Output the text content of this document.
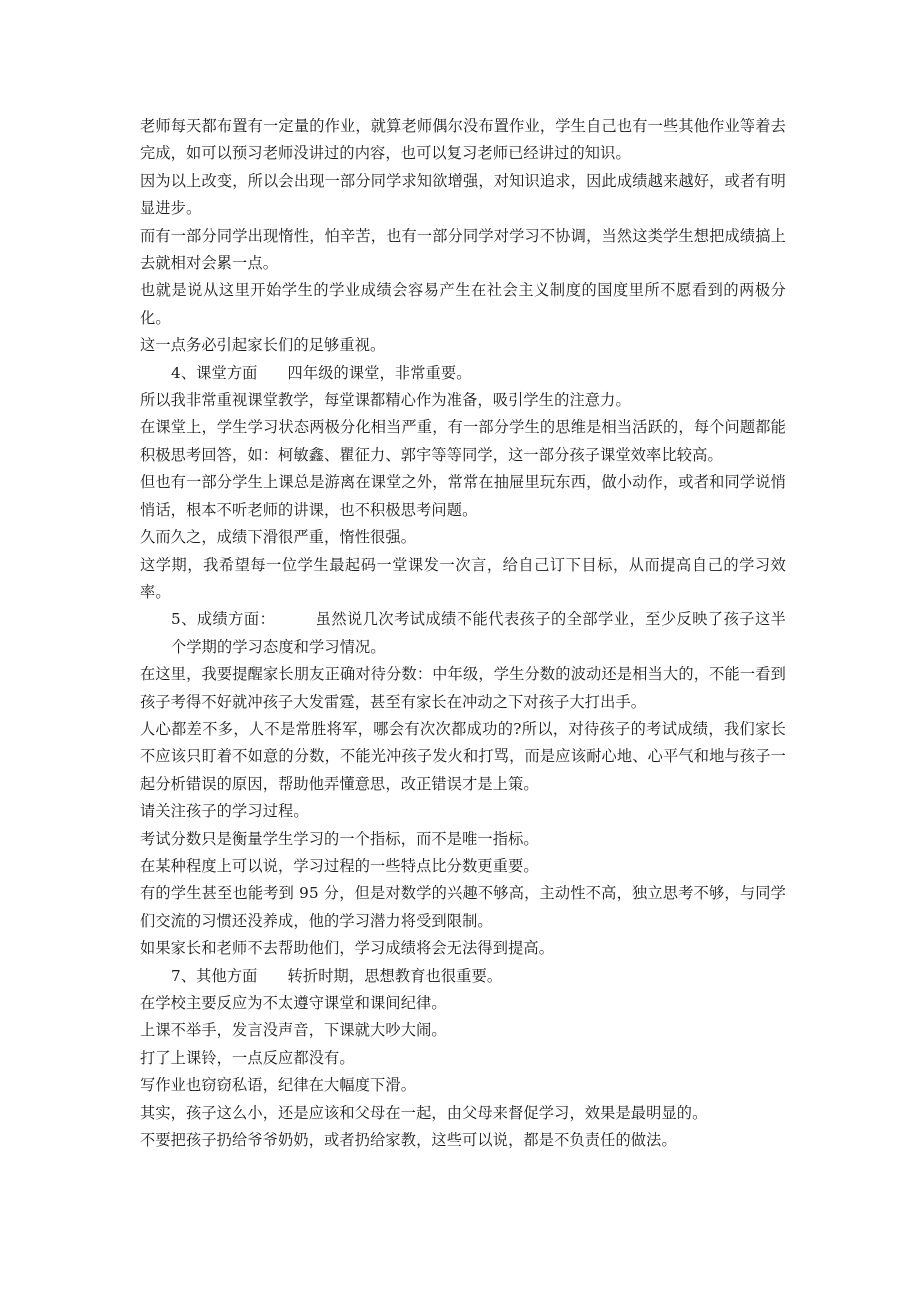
老师每天都布置有一定量的作业，就算老师偶尔没布置作业，学生自己也有一些其他作业等着去完成，如可以预习老师没讲过的内容，也可以复习老师已经讲过的知识。

因为以上改变，所以会出现一部分同学求知欲增强，对知识追求，因此成绩越来越好，或者有明显进步。

而有一部分同学出现惰性，怕辛苦，也有一部分同学对学习不协调，当然这类学生想把成绩搞上去就相对会累一点。

也就是说从这里开始学生的学业成绩会容易产生在社会主义制度的国度里所不愿看到的两极分化。

这一点务必引起家长们的足够重视。

4、课堂方面 四年级的课堂，非常重要。

所以我非常重视课堂教学，每堂课都精心作为准备，吸引学生的注意力。

在课堂上，学生学习状态两极分化相当严重，有一部分学生的思维是相当活跃的，每个问题都能积极思考回答，如：柯敏鑫、瞿征力、郭宇等等同学，这一部分孩子课堂效率比较高。

但也有一部分学生上课总是游离在课堂之外，常常在抽屉里玩东西，做小动作，或者和同学说悄悄话，根本不听老师的讲课，也不积极思考问题。

久而久之，成绩下滑很严重，惰性很强。

这学期，我希望每一位学生最起码一堂课发一次言，给自己订下目标，从而提高自己的学习效率。

5、成绩方面：	虽然说几次考试成绩不能代表孩子的全部学业，至少反映了孩子这半个学期的学习态度和学习情况。

在这里，我要提醒家长朋友正确对待分数：中年级，学生分数的波动还是相当大的，不能一看到孩子考得不好就冲孩子大发雷霆，甚至有家长在冲动之下对孩子大打出手。

人心都差不多，人不是常胜将军，哪会有次次都成功的?所以，对待孩子的考试成绩，我们家长不应该只盯着不如意的分数，不能光冲孩子发火和打骂，而是应该耐心地、心平气和地与孩子一起分析错误的原因，帮助他弄懂意思，改正错误才是上策。

请关注孩子的学习过程。

考试分数只是衡量学生学习的一个指标，而不是唯一指标。

在某种程度上可以说，学习过程的一些特点比分数更重要。

有的学生甚至也能考到 95 分，但是对数学的兴趣不够高，主动性不高，独立思考不够，与同学们交流的习惯还没养成，他的学习潜力将受到限制。

如果家长和老师不去帮助他们，学习成绩将会无法得到提高。

7、其他方面 转折时期，思想教育也很重要。

在学校主要反应为不太遵守课堂和课间纪律。

上课不举手，发言没声音，下课就大吵大闹。

打了上课铃，一点反应都没有。

写作业也窃窃私语，纪律在大幅度下滑。

其实，孩子这么小，还是应该和父母在一起，由父母来督促学习，效果是最明显的。

不要把孩子扔给爷爷奶奶，或者扔给家教，这些可以说，都是不负责任的做法。
